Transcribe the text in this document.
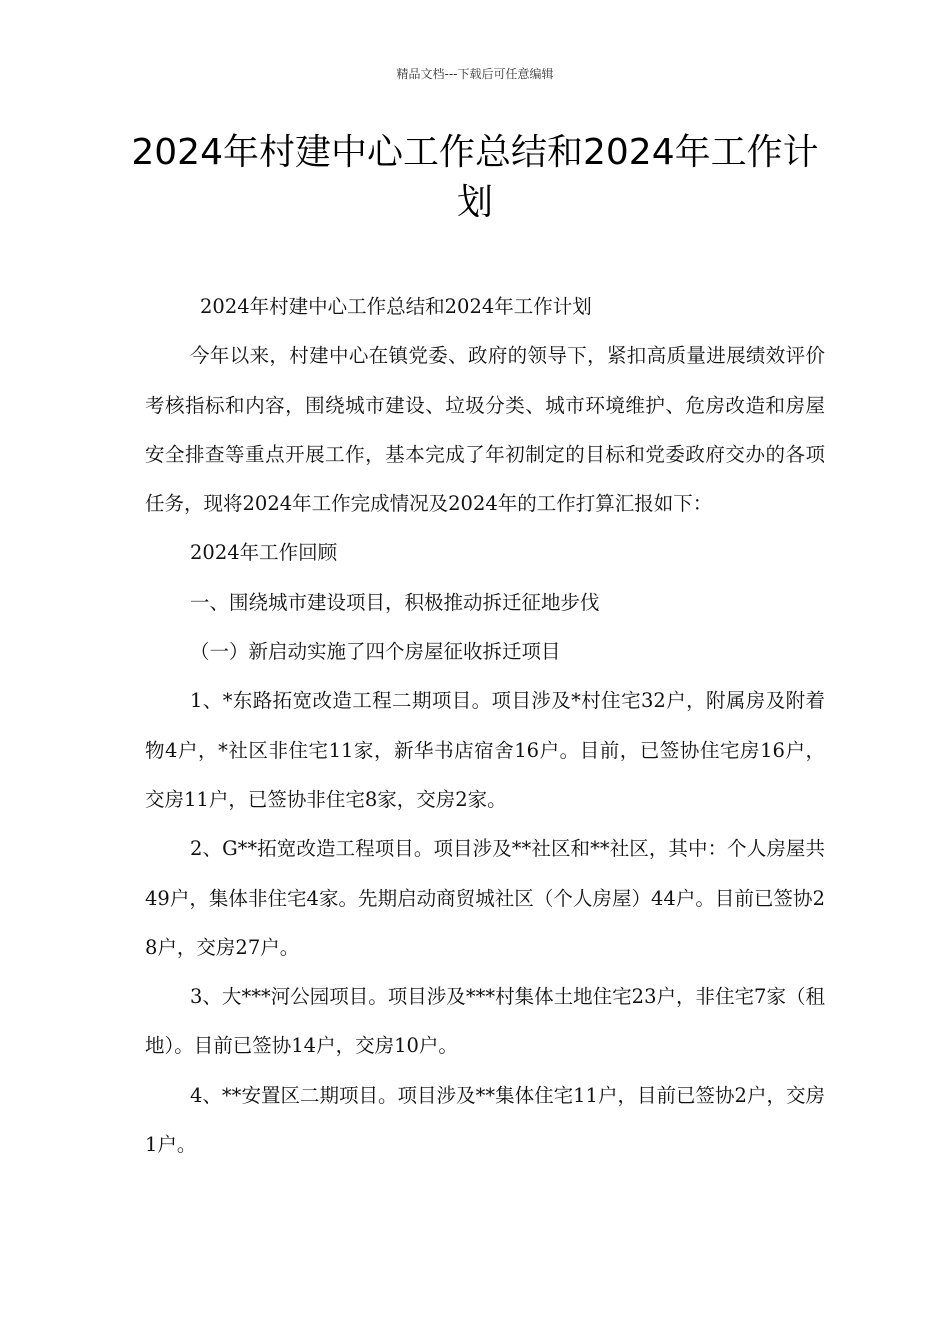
精品文档---下载后可任意编辑
2024年村建中心工作总结和2024年工作计划

2024年村建中心工作总结和2024年工作计划

今年以来，村建中心在镇党委、政府的领导下，紧扣高质量进展绩效评价考核指标和内容，围绕城市建设、垃圾分类、城市环境维护、危房改造和房屋安全排查等重点开展工作，基本完成了年初制定的目标和党委政府交办的各项任务，现将2024年工作完成情况及2024年的工作打算汇报如下：

2024年工作回顾

一、围绕城市建设项目，积极推动拆迁征地步伐

（一）新启动实施了四个房屋征收拆迁项目

1、*东路拓宽改造工程二期项目。项目涉及*村住宅32户，附属房及附着物4户，*社区非住宅11家，新华书店宿舍16户。目前，已签协住宅房16户，交房11户，已签协非住宅8家，交房2家。

2、G**拓宽改造工程项目。项目涉及**社区和**社区，其中：个人房屋共49户，集体非住宅4家。先期启动商贸城社区（个人房屋）44户。目前已签协28户，交房27户。

3、大***河公园项目。项目涉及***村集体土地住宅23户，非住宅7家（租地）。目前已签协14户，交房10户。

4、**安置区二期项目。项目涉及**集体住宅11户，目前已签协2户，交房1户。
